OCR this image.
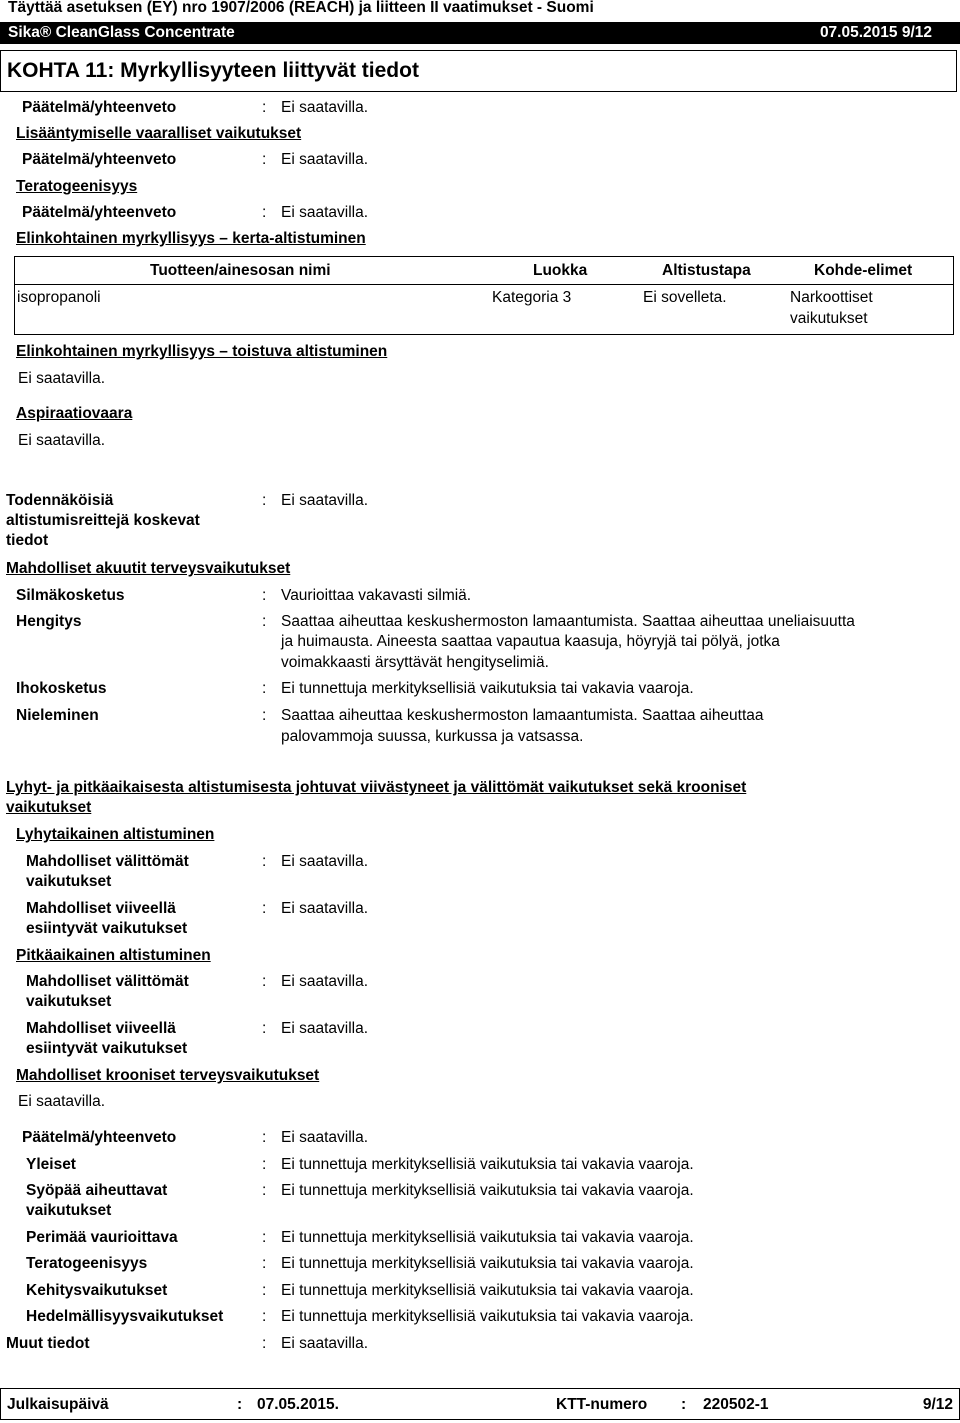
Täyttää asetuksen (EY) nro 1907/2006 (REACH) ja liitteen II vaatimukset - Suomi
Sika® CleanGlass Concentrate	07.05.2015 9/12
KOHTA 11: Myrkyllisyyteen liittyvät tiedot
Päätelmä/yhteenveto	: Ei saatavilla.
Lisääntymiselle vaaralliset vaikutukset
Päätelmä/yhteenveto	: Ei saatavilla.
Teratogeenisyys
Päätelmä/yhteenveto	: Ei saatavilla.
Elinkohtainen myrkyllisyys – kerta-altistuminen
Tuotteen/ainesosan nimi	Luokka	Altistustapa	Kohde-elimet
isopropanoli	Kategoria 3	Ei sovelleta.	Narkoottiset
vaikutukset
Elinkohtainen myrkyllisyys – toistuva altistuminen
Ei saatavilla.
Aspiraatiovaara
Ei saatavilla.
Todennäköisiä
altistumisreittejä koskevat
tiedot
: Ei saatavilla.
Mahdolliset akuutit terveysvaikutukset
Silmäkosketus	: Vaurioittaa vakavasti silmiä.
Hengitys	: Saattaa aiheuttaa keskushermoston lamaantumista. Saattaa aiheuttaa uneliaisuutta
ja huimausta. Aineesta saattaa vapautua kaasuja, höyryjä tai pölyä, jotka
voimakkaasti ärsyttävät hengityselimiä.
Ihokosketus	: Ei tunnettuja merkityksellisiä vaikutuksia tai vakavia vaaroja.
Nieleminen	: Saattaa aiheuttaa keskushermoston lamaantumista. Saattaa aiheuttaa
palovammoja suussa, kurkussa ja vatsassa.
Lyhyt- ja pitkäaikaisesta altistumisesta johtuvat viivästyneet ja välittömät vaikutukset sekä krooniset
vaikutukset
Lyhytaikainen altistuminen
Mahdolliset välittömät
vaikutukset
: Ei saatavilla.
Mahdolliset viiveellä
esiintyvät vaikutukset
: Ei saatavilla.
Pitkäaikainen altistuminen
Mahdolliset välittömät
vaikutukset
: Ei saatavilla.
Mahdolliset viiveellä
esiintyvät vaikutukset
: Ei saatavilla.
Mahdolliset krooniset terveysvaikutukset
Ei saatavilla.
Päätelmä/yhteenveto	: Ei saatavilla.
Yleiset	: Ei tunnettuja merkityksellisiä vaikutuksia tai vakavia vaaroja.
Syöpää aiheuttavat
vaikutukset
: Ei tunnettuja merkityksellisiä vaikutuksia tai vakavia vaaroja.
Perimää vaurioittava	: Ei tunnettuja merkityksellisiä vaikutuksia tai vakavia vaaroja.
Teratogeenisyys	: Ei tunnettuja merkityksellisiä vaikutuksia tai vakavia vaaroja.
Kehitysvaikutukset	: Ei tunnettuja merkityksellisiä vaikutuksia tai vakavia vaaroja.
Hedelmällisyysvaikutukset : Ei tunnettuja merkityksellisiä vaikutuksia tai vakavia vaaroja.
Muut tiedot	: Ei saatavilla.
Julkaisupäivä	: 07.05.2015.	KTT-numero : 220502-1	9/12
